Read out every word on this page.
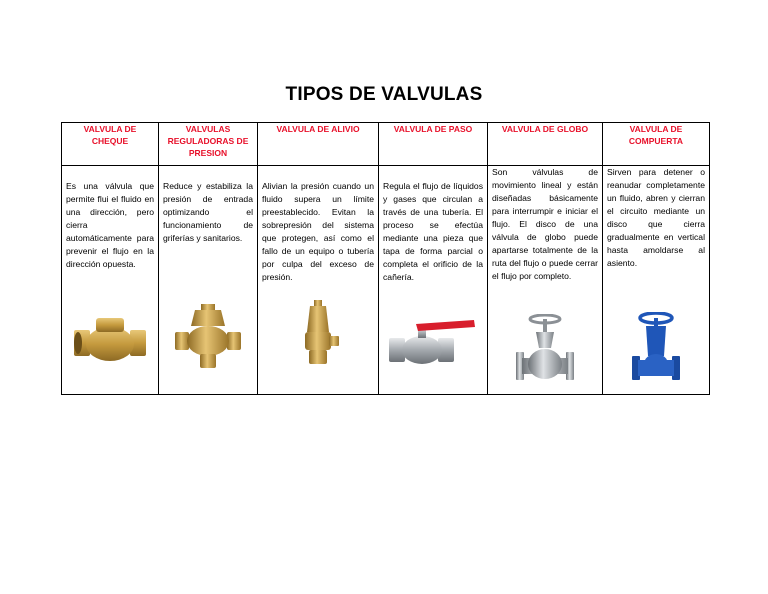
TIPOS DE VALVULAS
VALVULA DE CHEQUE	VALVULAS REGULADORAS DE PRESION	VALVULA DE ALIVIO	VALVULA DE PASO	VALVULA DE GLOBO	VALVULA DE COMPUERTA

Es una válvula que permite flui el fluido en una dirección, pero cierra automáticamente para prevenir el flujo en la dirección opuesta.	Reduce y estabiliza la presión de entrada optimizando el funcionamiento de griferías y sanitarios.	Alivian la presión cuando un fluido supera un límite preestablecido. Evitan la sobrepresión del sistema que protegen, así como el fallo de un equipo o tubería por culpa del exceso de presión.	Regula el flujo de líquidos y gases que circulan a través de una tubería. El proceso se efectúa mediante una pieza que tapa de forma parcial o completa el orificio de la cañería.	Son válvulas de movimiento lineal y están diseñadas básicamente para interrumpir e iniciar el flujo. El disco de una válvula de globo puede apartarse totalmente de la ruta del flujo o puede cerrar el flujo por completo.	Sirven para detener o reanudar completamente un fluido, abren y cierran el circuito mediante un disco que cierra gradualmente en vertical hasta amoldarse al asiento.
